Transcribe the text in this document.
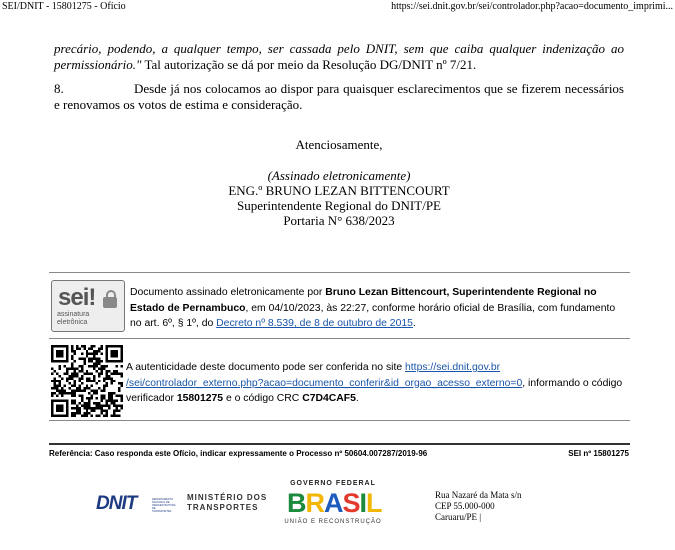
SEI/DNIT - 15801275 - Ofício	https://sei.dnit.gov.br/sei/controlador.php?acao=documento_imprimi...
precário, podendo, a qualquer tempo, ser cassada pelo DNIT, sem que caiba qualquer indenização ao permissionário." Tal autorização se dá por meio da Resolução DG/DNIT nº 7/21.
8.	Desde já nos colocamos ao dispor para quaisquer esclarecimentos que se fizerem necessários e renovamos os votos de estima e consideração.
Atenciosamente,
(Assinado eletronicamente)
ENG.º BRUNO LEZAN BITTENCOURT
Superintendente Regional do DNIT/PE
Portaria N° 638/2023
sei!
assinatura
eletrônica
Documento assinado eletronicamente por Bruno Lezan Bittencourt, Superintendente Regional no Estado de Pernambuco, em 04/10/2023, às 22:27, conforme horário oficial de Brasília, com fundamento no art. 6º, § 1º, do Decreto nº 8.539, de 8 de outubro de 2015.
A autenticidade deste documento pode ser conferida no site https://sei.dnit.gov.br
/sei/controlador_externo.php?acao=documento_conferir&id_orgao_acesso_externo=0, informando o código verificador 15801275 e o código CRC C7D4CAF5.
Referência: Caso responda este Ofício, indicar expressamente o Processo nº 50604.007287/2019-96	SEI nº 15801275
DNIT	DEPARTAMENTO NACIONAL DE INFRAESTRUTURA DE TRANSPORTES
MINISTÉRIO DOS
TRANSPORTES
GOVERNO FEDERAL
BRASIL
UNIÃO E RECONSTRUÇÃO
Rua Nazaré da Mata s/n
CEP 55.000-000
Caruaru/PE |
